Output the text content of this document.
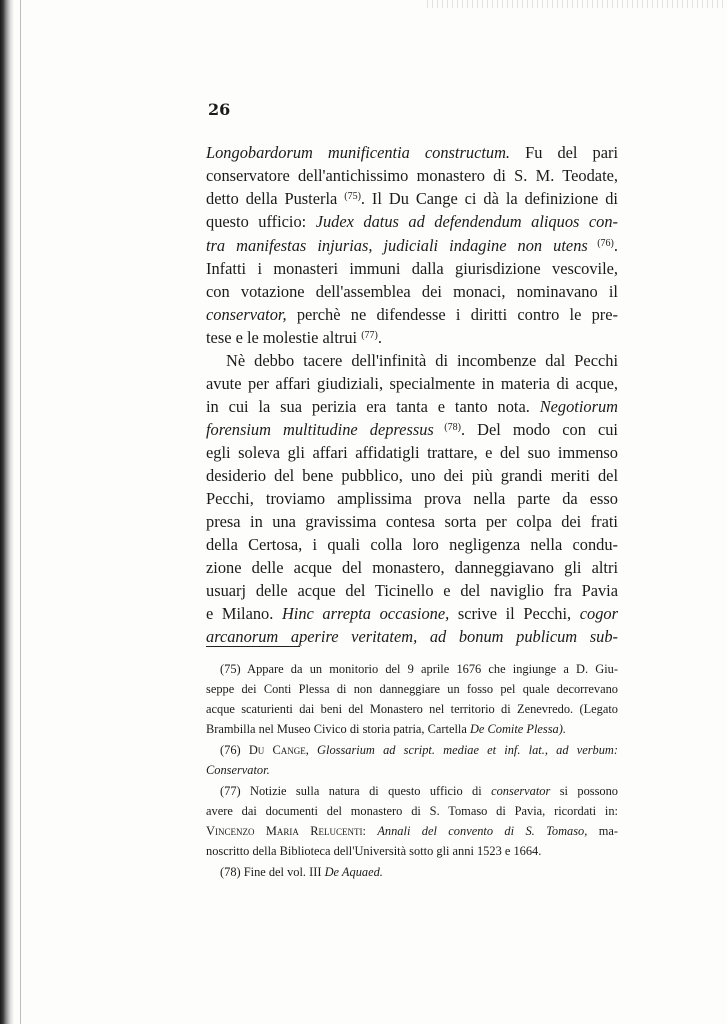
26
Longobardorum munificentia constructum. Fu del pari
conservatore dell'antichissimo monastero di S. M. Teodate,
detto della Pusterla $^{(75)}$. Il Du Cange ci dà la definizione di
questo ufficio: Judex datus ad defendendum aliquos con-
tra manifestas injurias, judiciali indagine non utens $^{(76)}$.
Infatti i monasteri immuni dalla giurisdizione vescovile,
con votazione dell'assemblea dei monaci, nominavano il
conservator, perchè ne difendesse i diritti contro le pre-
tese e le molestie altrui $^{(77)}$.
Nè debbo tacere dell'infinità di incombenze dal Pecchi
avute per affari giudiziali, specialmente in materia di acque,
in cui la sua perizia era tanta e tanto nota. Negotiorum
forensium multitudine depressus $^{(78)}$. Del modo con cui
egli soleva gli affari affidatigli trattare, e del suo immenso
desiderio del bene pubblico, uno dei più grandi meriti del
Pecchi, troviamo amplissima prova nella parte da esso
presa in una gravissima contesa sorta per colpa dei frati
della Certosa, i quali colla loro negligenza nella condu-
zione delle acque del monastero, danneggiavano gli altri
usuarj delle acque del Ticinello e del naviglio fra Pavia
e Milano. Hinc arrepta occasione, scrive il Pecchi, cogor
arcanorum aperire veritatem, ad bonum publicum sub-
(75) Appare da un monitorio del 9 aprile 1676 che ingiunge a D. Giu-
seppe dei Conti Plessa di non danneggiare un fosso pel quale decorrevano
acque scaturienti dai beni del Monastero nel territorio di Zenevredo. (Legato
Brambilla nel Museo Civico di storia patria, Cartella De Comite Plessa).
(76) Du Cange, Glossarium ad script. mediae et inf. lat., ad verbum:
Conservator.
(77) Notizie sulla natura di questo ufficio di conservator si possono
avere dai documenti del monastero di S. Tomaso di Pavia, ricordati in:
Vincenzo Maria Relucenti: Annali del convento di S. Tomaso, ma-
noscritto della Biblioteca dell'Università sotto gli anni 1523 e 1664.
(78) Fine del vol. III De Aquaed.
